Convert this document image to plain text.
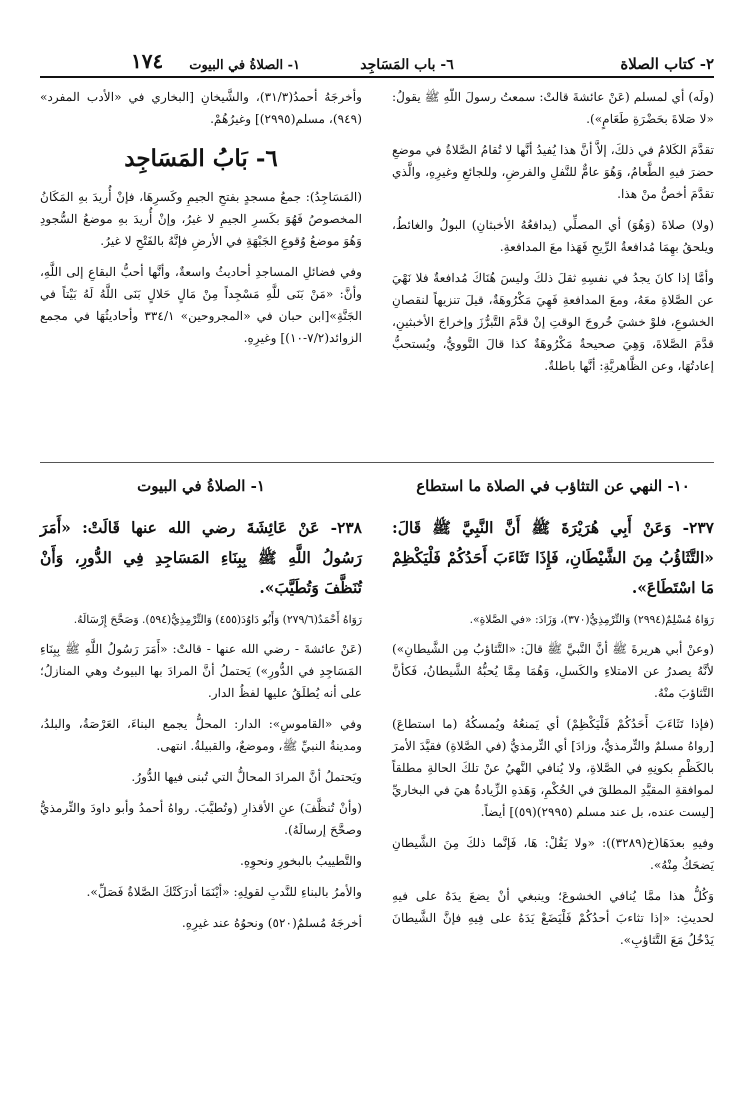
٢- كتاب الصلاة
٦- باب المَسَاجِد
١- الصلاةُ في البيوت
١٧٤

(ولَه) أي لمسلم (عَنْ عائشةَ قالتْ: سمعتُ رسولَ اللّهِ ﷺ يقولُ: «لا صَلاةَ بحَضْرَةِ طَعَامٍ»).

تقدَّمَ الكَلامُ في ذلكَ، إلاَّ أنَّ هذا يُفيدُ أنَّها لا تُقامُ الصَّلاةُ في موضعِ حضرَ فيهِ الطَّعامُ، وَهُوَ عامٌّ للنَّفلِ والفرضِ، وللجائعِ وغيرِهِ، والَّذي تقدَّمَ أخصُّ منْ هذا.

(ولا) صلاةَ (وَهُوَ) أي المصلِّي (يدافعُهُ الأخبثانِ) البولُ والغائطُ، ويلحقُ بهِمَا مُدافعةُ الرِّيحِ فَهَذا معَ المدافعةِ.

وأمَّا إذا كانَ يجدُ في نفسِهِ ثقلَ ذلكَ وليسَ هُنَاكَ مُدافعةٌ فلا نَهْيَ عن الصَّلاةِ معَهُ، ومعَ المدافعةِ فَهِيَ مَكْرُوهَةٌ، قيلَ تنزيهاً لنقصانِ الخشوعِ، فلوْ خشيَ خُروجَ الوقتِ إنْ قدَّمَ التَّبرُّزَ وإخراجَ الأخبثينِ، قدَّمَ الصَّلاةَ، وَهِيَ صحيحةٌ مَكْرُوهَةٌ كذا قالَ النَّوويُّ، ويُستحبُّ إعادتُهَا، وعن الظَّاهريَّةِ: أنَّها باطلةٌ.

وأخرجَهُ أحمدُ(٣١/٣)، والشَّيخانِ [البخاري في «الأدب المفرد» (٩٤٩)، مسلم(٢٩٩٥)] وغيرُهُمْ.

٦- بَابُ المَسَاجِد

(المَسَاجِدُ): جمعُ مسجدٍ بفتحِ الجيمِ وكَسرِهَا، فإنْ أُريدَ بهِ المَكَانُ المخصوصُ فَهُوَ بكَسرِ الجيمِ لا غيرُ، وإنْ أُريدَ بهِ موضعُ السُّجودِ وَهُوَ موضعُ وُقوعِ الجَبْهَةِ في الأرضِ فإنَّهُ بالفَتْحِ لا غيرُ.

وفي فضائلِ المساجدِ أحاديثُ واسعةٌ، وأنَّها أحبُّ البقاعِ إلى اللَّهِ، وأنَّ: «مَنْ بَنَى للَّهِ مَسْجِداً مِنْ مَالٍ حَلالٍ بَنَى اللَّهُ لَهُ بَيْتاً في الجَنَّةِ»[ابن حبان في «المجروحين» ٣٣٤/١ وأحاديثُهَا في مجمع الزوائد(٧/٢-١٠)] وغيرِهِ.

١٠- النهي عن التثاؤب في الصلاة ما استطاع

٢٣٧- وَعَنْ أَبِي هُرَيْرَةَ ﷺ أَنَّ النَّبِيَّ ﷺ قَالَ: «التَّثَاؤُبُ مِنَ الشَّيْطَانِ، فَإِذَا تَثَاءَبَ أَحَدُكُمْ فَلْيَكْظِمْ مَا اسْتَطَاعَ».

رَوَاهُ مُسْلِمٌ(٢٩٩٤) وَالتِّرْمِذِيُّ(٣٧٠)، وَزَادَ: «في الصَّلاةِ».

(وعنْ أبي هريرةَ ﷺ أنَّ النَّبيَّ ﷺ قالَ: «التَّثاؤبُ مِن الشَّيطانِ») لأنَّهُ يصدرُ عن الامتلاءِ والكَسلِ، وَهُمَا مِمَّا يُحبُّهُ الشَّيطانُ، فَكأنَّ التَّثاؤبَ منْهُ.

(فإذا تَثَاءَبَ أَحَدُكُمْ فَلْيَكْظِمْ) أي يَمنعُهُ ويُمسكُهُ (ما استطاعَ) [رواهُ مسلمٌ والتِّرمذيُّ، وزادَ] أي التِّرمذيُّ (في الصَّلاةِ) فقيَّدَ الأمرَ بالكَظْمِ بكونِهِ في الصَّلاةِ، ولا يُنافي النَّهيُ عنْ تلكَ الحالةِ مطلقاً لموافقةِ المقيَّدِ المطلقَ في الحُكْمِ، وَهَذهِ الزِّيادةُ هيَ في البخاريِّ [ليست عنده، بل عند مسلم (٢٩٩٥)(٥٩)] أيضاً.

وفيهِ بعدَهَا(خ(٣٢٨٩)): «ولا يَقُلْ: هَا، فَإنَّما ذلكَ مِنَ الشَّيطانِ يَضحَكُ مِنْهُ».

وَكُلُّ هذا ممَّا يُنافي الخشوعَ؛ وينبغي أنْ يضعَ يدَهُ على فيهِ لحديثِ: «إذا تثاءبَ أحدُكُمْ فَلْيَضَعْ يَدَهُ على فِيهِ فإنَّ الشَّيطانَ يَدْخُلُ مَعَ التَّثاؤبِ».

١- الصلاةُ في البيوت

٢٣٨- عَنْ عَائِشَةَ رضي الله عنها قَالَتْ: «أَمَرَ رَسُولُ اللَّهِ ﷺ بِبِنَاءِ المَسَاجِدِ فِي الدُّورِ، وَأَنْ تُنَظَّفَ وَتُطَيَّبَ».

رَوَاهُ أَحْمَدُ(٢٧٩/٦) وَأَبُو دَاوُدَ(٤٥٥) وَالتِّرْمِذِيُّ(٥٩٤). وَصَحَّحَ إِرْسَالَهُ.

(عَنْ عائشةَ - رضي الله عنها - قالتْ: «أَمَرَ رَسُولُ اللَّهِ ﷺ بِبِنَاءِ المَسَاجِدِ في الدُّورِ») يَحتملُ أنَّ المرادَ بها البيوتُ وهي المنازلُ؛ على أنه يُطلَقُ عليها لفظُ الدار.

وفي «القاموسِ»: الدار: المحلُّ يجمع البناءَ، العَرْصَةُ، والبلدُ، ومدينةُ النبيِّ ﷺ، وموضعٌ، والقبيلةُ. انتهى.

ويَحتملُ أنَّ المرادَ المحالُّ التي تُبنى فيها الدُّورُ.

(وأنْ تُنظَّفَ) عنِ الأقذارِ (وتُطيَّبَ. رواهُ أحمدُ وأبو داودَ والتِّرمذيُّ وصحَّحَ إرسالَهُ).

والتَّطييبُ بالبخورِ ونحوِهِ.

والأمرُ بالبناءِ للنَّدبِ لقولِهِ: «أيْنَمَا أدرَكَتْكَ الصَّلاةُ فَصَلِّ».

أخرجَهُ مُسلمٌ(٥٢٠) ونحوُهُ عند غيرِهِ.
